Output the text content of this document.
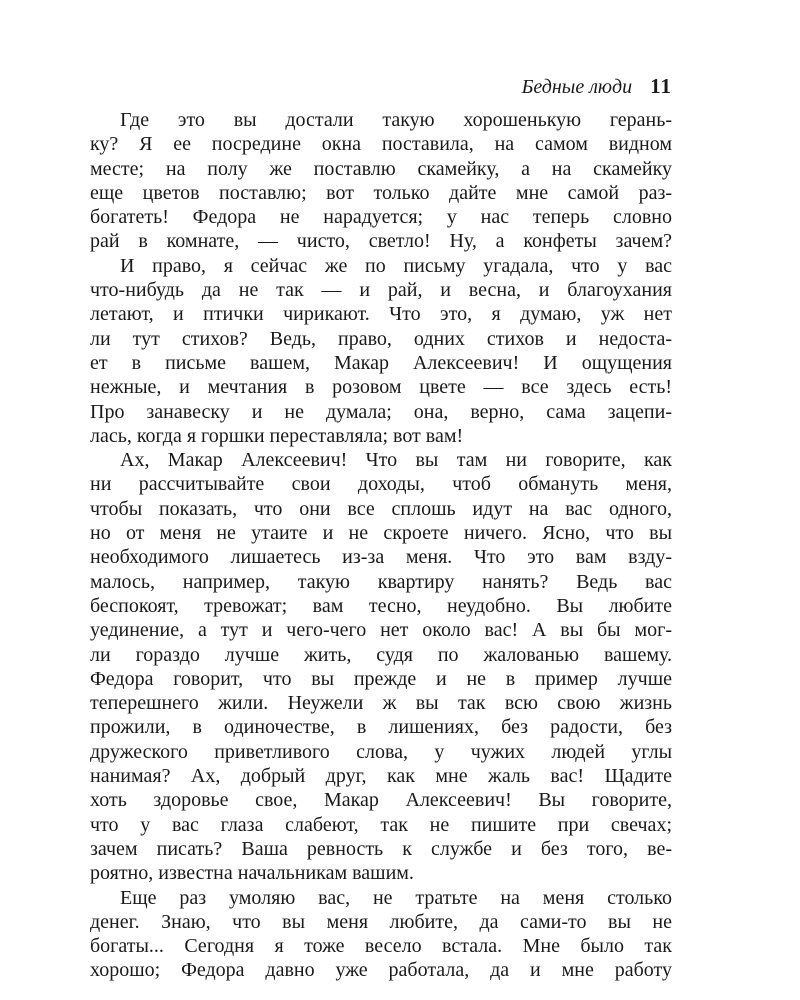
Бедные люди 11
Где это вы достали такую хорошенькую герань-
ку? Я ее посредине окна поставила, на самом видном
месте; на полу же поставлю скамейку, а на скамейку
еще цветов поставлю; вот только дайте мне самой раз-
богатеть! Федора не нарадуется; у нас теперь словно
рай в комнате, — чисто, светло! Ну, а конфеты зачем?
И право, я сейчас же по письму угадала, что у вас
что-нибудь да не так — и рай, и весна, и благоухания
летают, и птички чирикают. Что это, я думаю, уж нет
ли тут стихов? Ведь, право, одних стихов и недоста-
ет в письме вашем, Макар Алексеевич! И ощущения
нежные, и мечтания в розовом цвете — все здесь есть!
Про занавеску и не думала; она, верно, сама зацепи-
лась, когда я горшки переставляла; вот вам!
Ах, Макар Алексеевич! Что вы там ни говорите, как
ни рассчитывайте свои доходы, чтоб обмануть меня,
чтобы показать, что они все сплошь идут на вас одного,
но от меня не утаите и не скроете ничего. Ясно, что вы
необходимого лишаетесь из-за меня. Что это вам взду-
малось, например, такую квартиру нанять? Ведь вас
беспокоят, тревожат; вам тесно, неудобно. Вы любите
уединение, а тут и чего-чего нет около вас! А вы бы мог-
ли гораздо лучше жить, судя по жалованью вашему.
Федора говорит, что вы прежде и не в пример лучше
теперешнего жили. Неужели ж вы так всю свою жизнь
прожили, в одиночестве, в лишениях, без радости, без
дружеского приветливого слова, у чужих людей углы
нанимая? Ах, добрый друг, как мне жаль вас! Щадите
хоть здоровье свое, Макар Алексеевич! Вы говорите,
что у вас глаза слабеют, так не пишите при свечах;
зачем писать? Ваша ревность к службе и без того, ве-
роятно, известна начальникам вашим.
Еще раз умоляю вас, не тратьте на меня столько
денег. Знаю, что вы меня любите, да сами-то вы не
богаты... Сегодня я тоже весело встала. Мне было так
хорошо; Федора давно уже работала, да и мне работу
